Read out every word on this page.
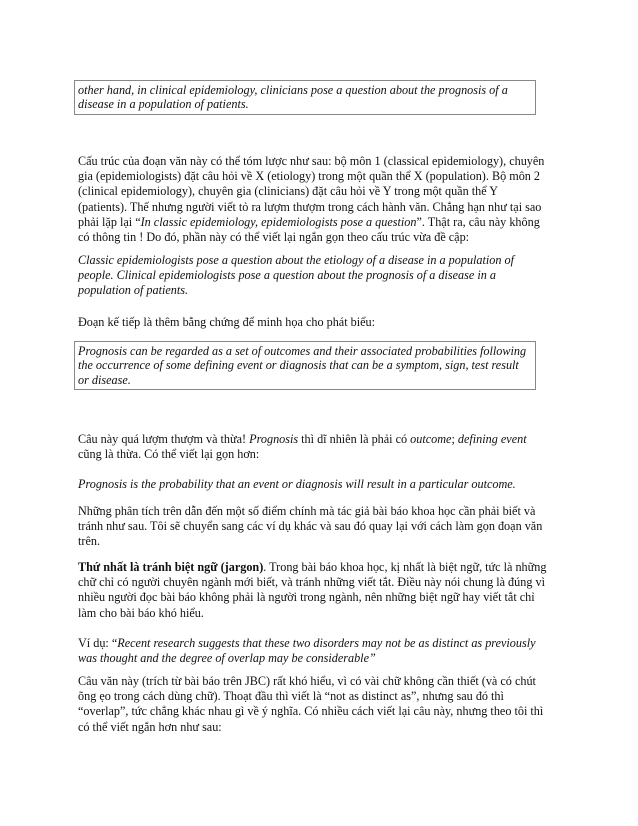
other hand, in clinical epidemiology, clinicians pose a question about the prognosis of a disease in a population of patients.

Cấu trúc của đoạn văn này có thể tóm lược như sau: bộ môn 1 (classical epidemiology), chuyên gia (epidemiologists) đặt câu hỏi về X (etiology) trong một quần thể X (population). Bộ môn 2 (clinical epidemiology), chuyên gia (clinicians) đặt câu hỏi về Y trong một quần thể Y (patients). Thế nhưng người viết tỏ ra lượm thượm trong cách hành văn. Chẳng hạn như tại sao phải lặp lại “In classic epidemiology, epidemiologists pose a question”. Thật ra, câu này không có thông tin ! Do đó, phần này có thể viết lại ngắn gọn theo cấu trúc vừa đề cập:

Classic epidemiologists pose a question about the etiology of a disease in a population of people. Clinical epidemiologists pose a question about the prognosis of a disease in a population of patients.

Đoạn kế tiếp là thêm bằng chứng để minh họa cho phát biểu:

Prognosis can be regarded as a set of outcomes and their associated probabilities following the occurrence of some defining event or diagnosis that can be a symptom, sign, test result or disease.

Câu này quá lượm thượm và thừa! Prognosis thì dĩ nhiên là phải có outcome; defining event cũng là thừa. Có thể viết lại gọn hơn:

Prognosis is the probability that an event or diagnosis will result in a particular outcome.

Những phân tích trên dẫn đến một số điểm chính mà tác giả bài báo khoa học cần phải biết và tránh như sau. Tôi sẽ chuyển sang các ví dụ khác và sau đó quay lại với cách làm gọn đoạn văn trên.

Thứ nhất là tránh biệt ngữ (jargon). Trong bài báo khoa học, kị nhất là biệt ngữ, tức là những chữ chỉ có người chuyên ngành mới biết, và tránh những viết tắt. Điều này nói chung là đúng vì nhiều người đọc bài báo không phải là người trong ngành, nên những biệt ngữ hay viết tắt chỉ làm cho bài báo khó hiểu.

Ví dụ: “Recent research suggests that these two disorders may not be as distinct as previously was thought and the degree of overlap may be considerable”

Câu văn này (trích từ bài báo trên JBC) rất khó hiểu, vì có vài chữ không cần thiết (và có chút õng ẹo trong cách dùng chữ). Thoạt đầu thì viết là “not as distinct as”, nhưng sau đó thì “overlap”, tức chẳng khác nhau gì về ý nghĩa. Có nhiều cách viết lại câu này, nhưng theo tôi thì có thể viết ngắn hơn như sau:
